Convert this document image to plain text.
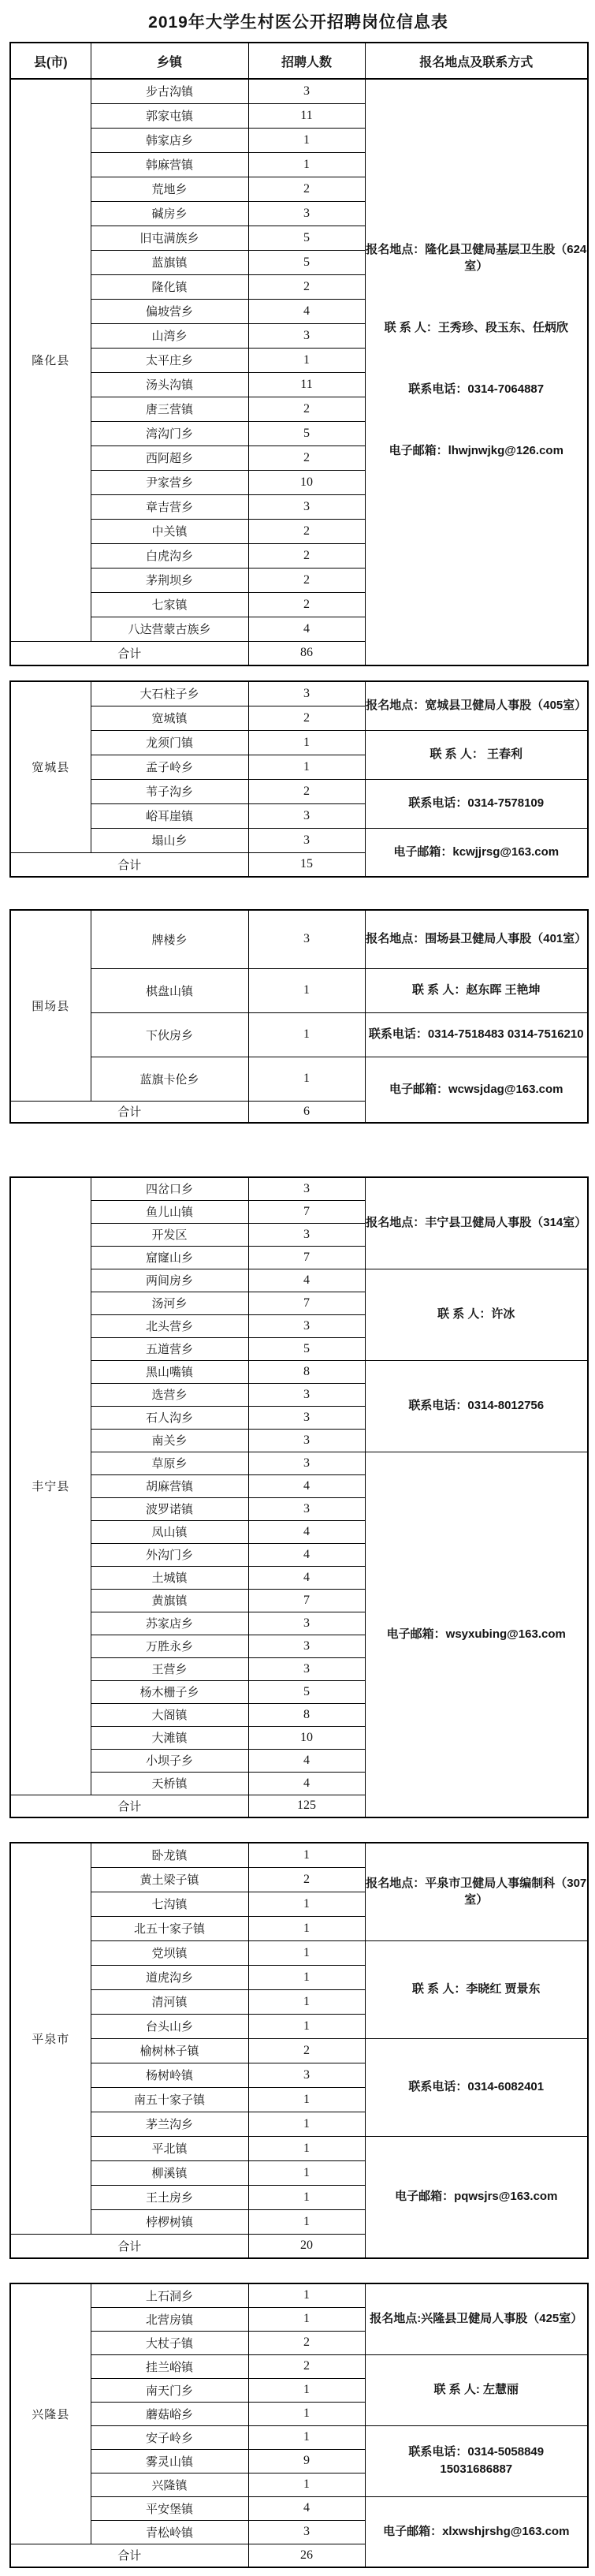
2019年大学生村医公开招聘岗位信息表
县(市)	乡镇	招聘人数	报名地点及联系方式
隆化县	步古沟镇	3	报名地点：隆化县卫健局基层卫生股（624室）
联 系 人：王秀珍、段玉东、任炳欣
联系电话：0314-7064887
电子邮箱：lhwjnwjkg@126.com

	郭家屯镇	11	
	韩家店乡	1	
	韩麻营镇	1	
	荒地乡	2	
	碱房乡	3	
	旧屯满族乡	5	
	蓝旗镇	5	
	隆化镇	2	
	偏坡营乡	4	
	山湾乡	3	
	太平庄乡	1	
	汤头沟镇	11	
	唐三营镇	2	
	湾沟门乡	5	
	西阿超乡	2	
	尹家营乡	10	
	章吉营乡	3	
	中关镇	2	
	白虎沟乡	2	
	茅荆坝乡	2	
	七家镇	2	
	八达营蒙古族乡	4	
合计		86	
宽城县	大石柱子乡	3	报名地点：宽城县卫健局人事股（405室）

	宽城镇	2	
	龙须门镇	1	联 系 人： 王春利

	孟子岭乡	1	
	苇子沟乡	2	联系电话：0314-7578109

	峪耳崖镇	3	
	塌山乡	3	电子邮箱：kcwjjrsg@163.com

合计		15	
围场县	牌楼乡	3	报名地点：围场县卫健局人事股（401室）

	棋盘山镇	1	联 系 人：赵东晖 王艳坤

	下伙房乡	1	联系电话：0314-7518483 0314-7516210

	蓝旗卡伦乡	1	电子邮箱：wcwsjdag@163.com

合计		6	
丰宁县	四岔口乡	3	报名地点：丰宁县卫健局人事股（314室）

	鱼儿山镇	7	
	开发区	3	
	窟窿山乡	7	
	两间房乡	4	联 系 人：许冰

	汤河乡	7	
	北头营乡	3	
	五道营乡	5	
	黑山嘴镇	8	联系电话：0314-8012756

	选营乡	3	
	石人沟乡	3	
	南关乡	3	
	草原乡	3	电子邮箱：wsyxubing@163.com

	胡麻营镇	4	
	波罗诺镇	3	
	凤山镇	4	
	外沟门乡	4	
	土城镇	4	
	黄旗镇	7	
	苏家店乡	3	
	万胜永乡	3	
	王营乡	3	
	杨木栅子乡	5	
	大阁镇	8	
	大滩镇	10	
	小坝子乡	4	
	天桥镇	4	
合计		125	
平泉市	卧龙镇	1	报名地点：平泉市卫健局人事编制科（307室）

	黄土梁子镇	2	
	七沟镇	1	
	北五十家子镇	1	
	党坝镇	1	联 系 人：李晓红 贾景东

	道虎沟乡	1	
	清河镇	1	
	台头山乡	1	
	榆树林子镇	2	联系电话：0314-6082401

	杨树岭镇	3	
	南五十家子镇	1	
	茅兰沟乡	1	
	平北镇	1	电子邮箱：pqwsjrs@163.com

	柳溪镇	1	
	王土房乡	1	
	桲椤树镇	1	
合计		20	
兴隆县	上石洞乡	1	报名地点:兴隆县卫健局人事股（425室）

	北营房镇	1	
	大杖子镇	2	
	挂兰峪镇	2	联 系 人: 左慧丽

	南天门乡	1	
	蘑菇峪乡	1	
	安子岭乡	1	联系电话：0314-5058849
15031686887

	雾灵山镇	9	
	兴隆镇	1	
	平安堡镇	4	电子邮箱：xlxwshjrshg@163.com

	青松岭镇	3	
合计		26	
